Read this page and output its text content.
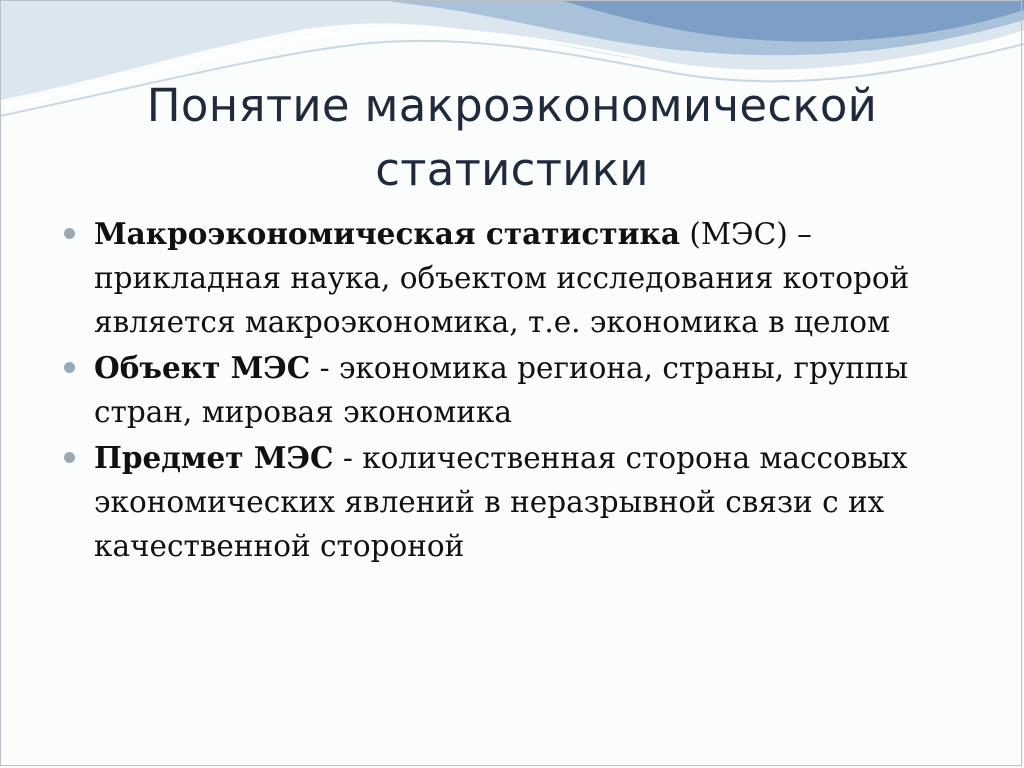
Понятие макроэкономической
статистики
Макроэкономическая статистика (МЭС) – прикладная наука, объектом исследования которой является макроэкономика, т.е. экономика в целом
Объект МЭС - экономика региона, страны, группы стран, мировая экономика
Предмет МЭС - количественная сторона массовых экономических явлений в неразрывной связи с их качественной стороной
